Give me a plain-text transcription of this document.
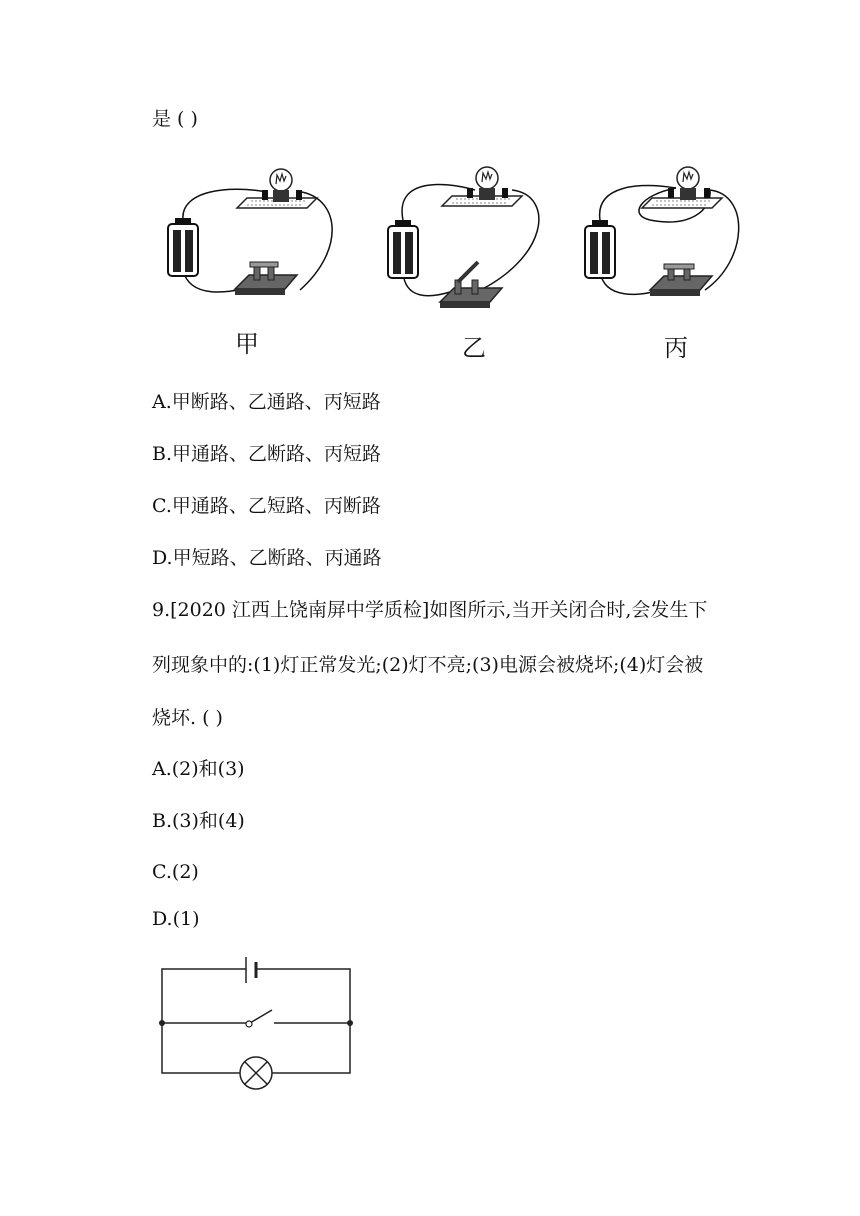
是 ( )
甲	乙	丙
A.甲断路、乙通路、丙短路
B.甲通路、乙断路、丙短路
C.甲通路、乙短路、丙断路
D.甲短路、乙断路、丙通路
9.[2020 江西上饶南屏中学质检]如图所示,当开关闭合时,会发生下
列现象中的:(1)灯正常发光;(2)灯不亮;(3)电源会被烧坏;(4)灯会被
烧坏. ( )
A.(2)和(3)
B.(3)和(4)
C.(2)
D.(1)
